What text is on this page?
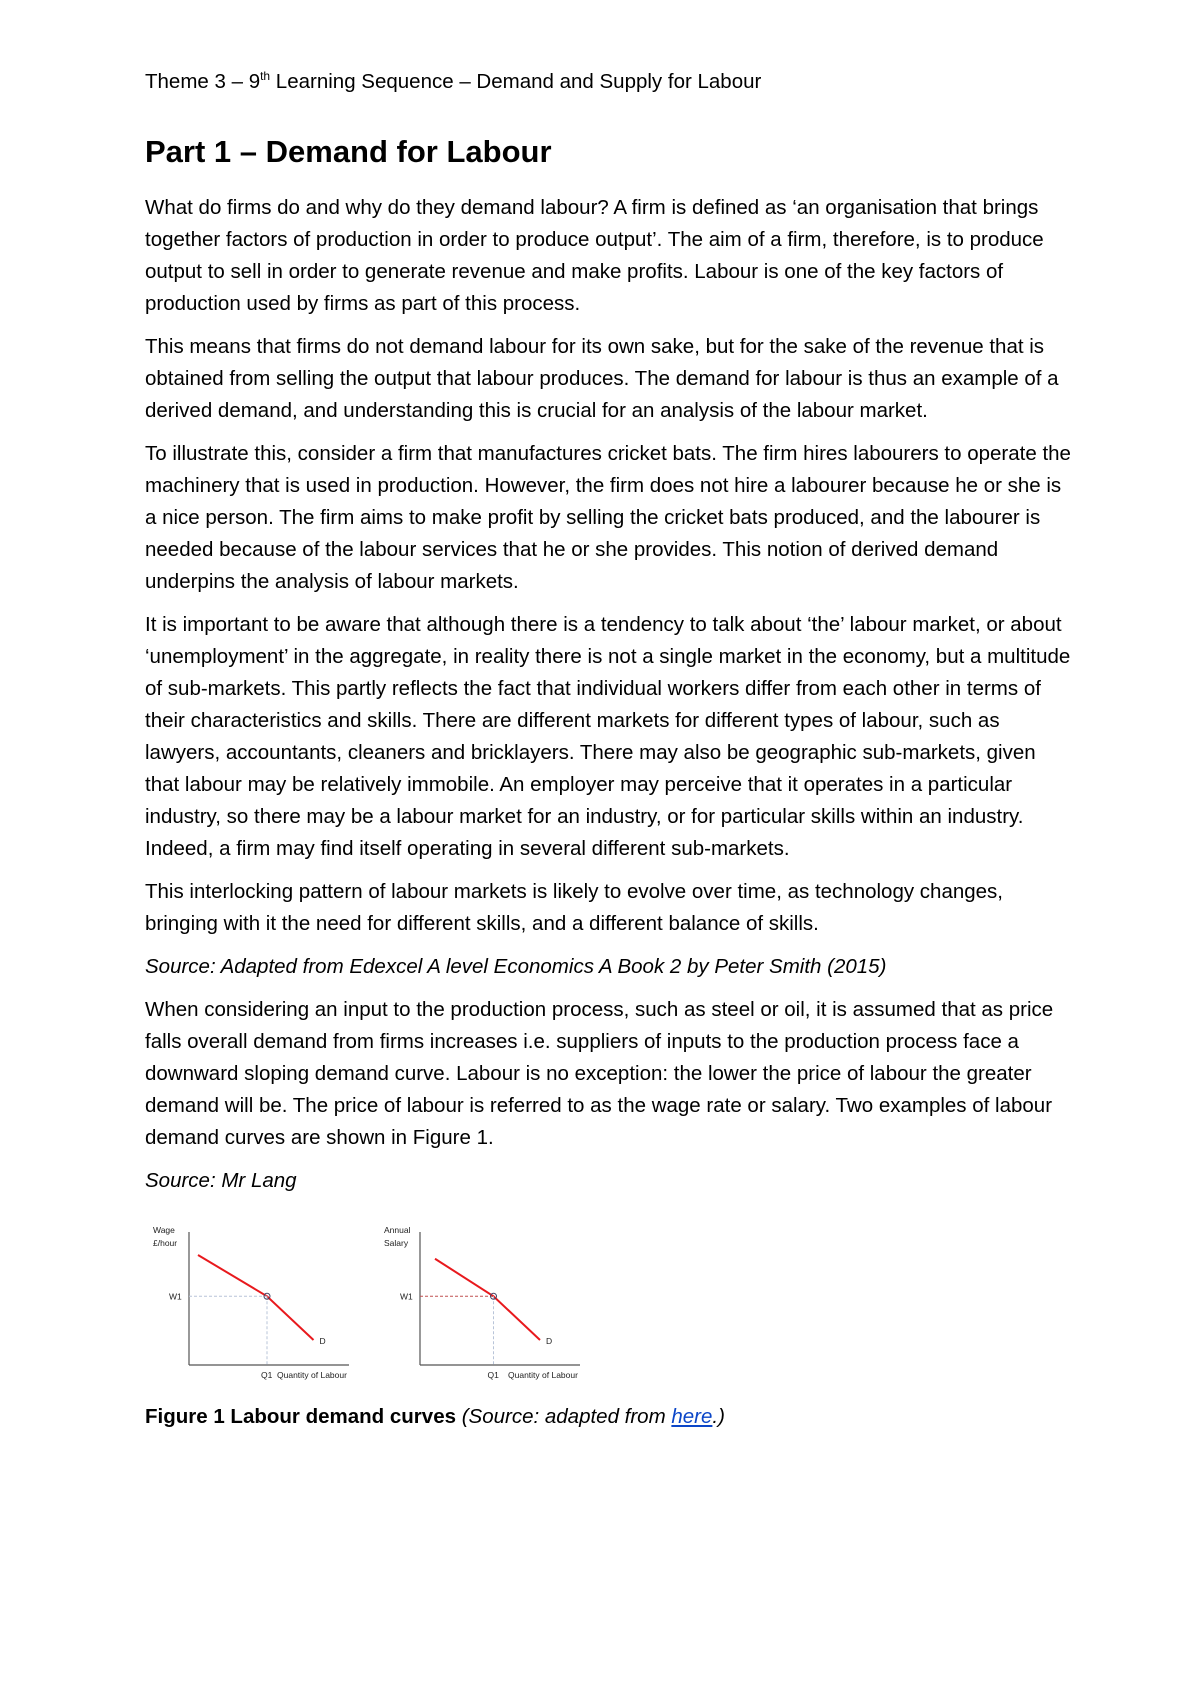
Theme 3 – 9th Learning Sequence – Demand and Supply for Labour
Part 1 – Demand for Labour

What do firms do and why do they demand labour? A firm is defined as ‘an organisation that brings together factors of production in order to produce output’. The aim of a firm, therefore, is to produce output to sell in order to generate revenue and make profits. Labour is one of the key factors of production used by firms as part of this process.

This means that firms do not demand labour for its own sake, but for the sake of the revenue that is obtained from selling the output that labour produces. The demand for labour is thus an example of a derived demand, and understanding this is crucial for an analysis of the labour market.

To illustrate this, consider a firm that manufactures cricket bats. The firm hires labourers to operate the machinery that is used in production. However, the firm does not hire a labourer because he or she is a nice person. The firm aims to make profit by selling the cricket bats produced, and the labourer is needed because of the labour services that he or she provides. This notion of derived demand underpins the analysis of labour markets.

It is important to be aware that although there is a tendency to talk about ‘the’ labour market, or about ‘unemployment’ in the aggregate, in reality there is not a single market in the economy, but a multitude of sub-markets. This partly reflects the fact that individual workers differ from each other in terms of their characteristics and skills. There are different markets for different types of labour, such as lawyers, accountants, cleaners and bricklayers. There may also be geographic sub-markets, given that labour may be relatively immobile. An employer may perceive that it operates in a particular industry, so there may be a labour market for an industry, or for particular skills within an industry. Indeed, a firm may find itself operating in several different sub-markets.

This interlocking pattern of labour markets is likely to evolve over time, as technology changes, bringing with it the need for different skills, and a different balance of skills.

Source: Adapted from Edexcel A level Economics A Book 2 by Peter Smith (2015)

When considering an input to the production process, such as steel or oil, it is assumed that as price falls overall demand from firms increases i.e. suppliers of inputs to the production process face a downward sloping demand curve. Labour is no exception: the lower the price of labour the greater demand will be. The price of labour is referred to as the wage rate or salary. Two examples of labour demand curves are shown in Figure 1.

Source: Mr Lang

Wage
£/hour
W1
Q1
D
Quantity of Labour
Annual
Salary
W1
Q1
D
Quantity of Labour

Figure 1 Labour demand curves (Source: adapted from here.)
